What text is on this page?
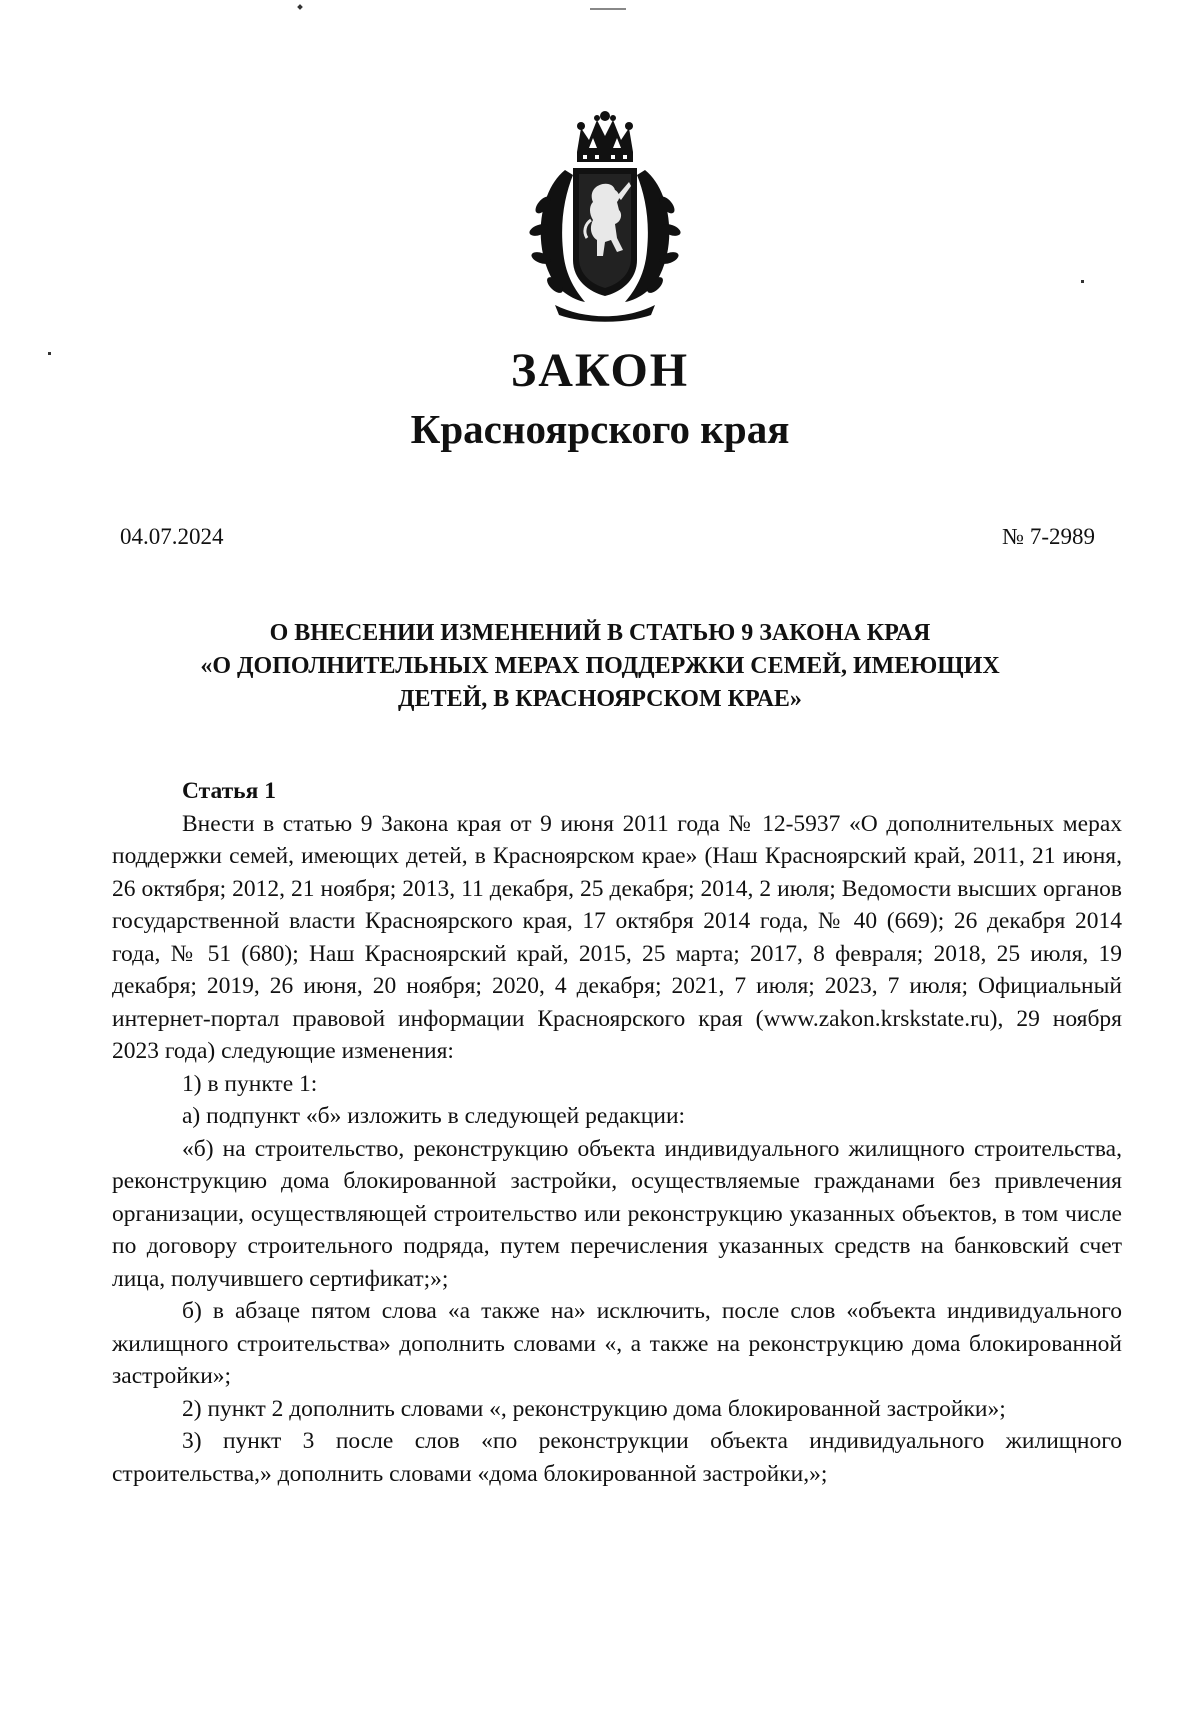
ЗАКОН
Красноярского края
04.07.2024	№ 7-2989
О ВНЕСЕНИИ ИЗМЕНЕНИЙ В СТАТЬЮ 9 ЗАКОНА КРАЯ
«О ДОПОЛНИТЕЛЬНЫХ МЕРАХ ПОДДЕРЖКИ СЕМЕЙ, ИМЕЮЩИХ
ДЕТЕЙ, В КРАСНОЯРСКОМ КРАЕ»
Статья 1

Внести в статью 9 Закона края от 9 июня 2011 года № 12-5937 «О дополнительных мерах поддержки семей, имеющих детей, в Красноярском крае» (Наш Красноярский край, 2011, 21 июня, 26 октября; 2012, 21 ноября; 2013, 11 декабря, 25 декабря; 2014, 2 июля; Ведомости высших органов государственной власти Красноярского края, 17 октября 2014 года, № 40 (669); 26 декабря 2014 года, № 51 (680); Наш Красноярский край, 2015, 25 марта; 2017, 8 февраля; 2018, 25 июля, 19 декабря; 2019, 26 июня, 20 ноября; 2020, 4 декабря; 2021, 7 июля; 2023, 7 июля; Официальный интернет-портал правовой информации Красноярского края (www.zakon.krskstate.ru), 29 ноября 2023 года) следующие изменения:

1) в пункте 1:

а) подпункт «б» изложить в следующей редакции:

«б) на строительство, реконструкцию объекта индивидуального жилищного строительства, реконструкцию дома блокированной застройки, осуществляемые гражданами без привлечения организации, осуществляющей строительство или реконструкцию указанных объектов, в том числе по договору строительного подряда, путем перечисления указанных средств на банковский счет лица, получившего сертификат;»;

б) в абзаце пятом слова «а также на» исключить, после слов «объекта индивидуального жилищного строительства» дополнить словами «, а также на реконструкцию дома блокированной застройки»;

2) пункт 2 дополнить словами «, реконструкцию дома блокированной застройки»;

3) пункт 3 после слов «по реконструкции объекта индивидуального жилищного строительства,» дополнить словами «дома блокированной застройки,»;
